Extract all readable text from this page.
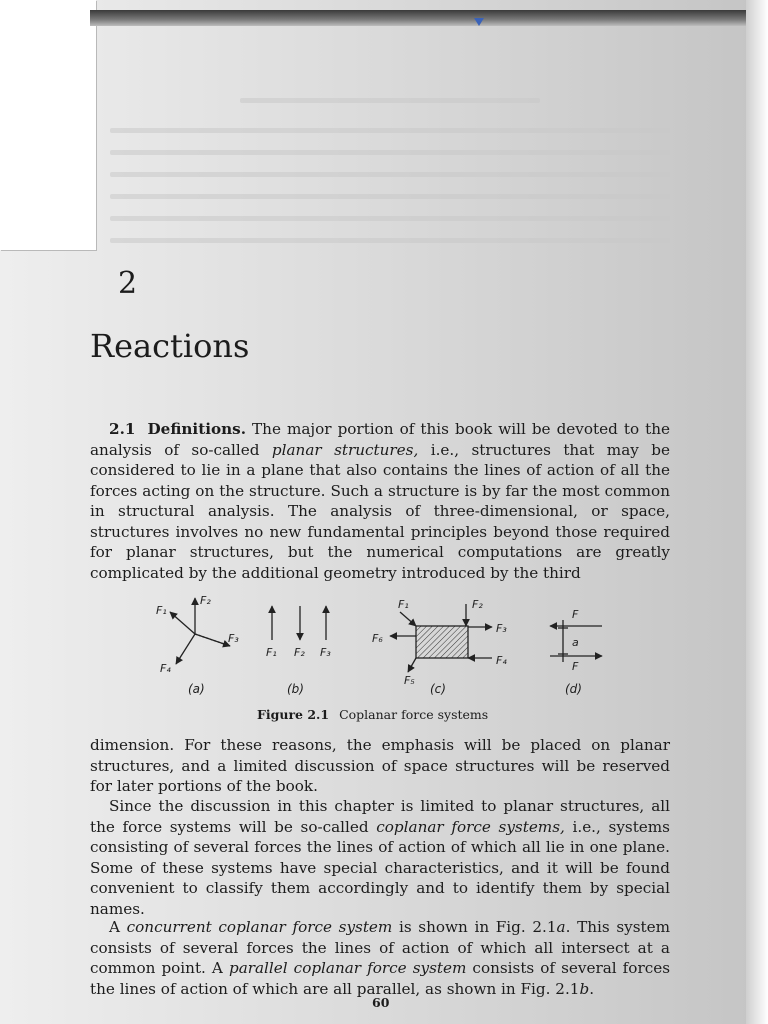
2
Reactions
2.1 Definitions. The major portion of this book will be devoted to the analysis of so-called planar structures, i.e., structures that may be considered to lie in a plane that also contains the lines of action of all the forces acting on the structure. Such a structure is by far the most common in structural analysis. The analysis of three-dimensional, or space, structures involves no new fundamental principles beyond those required for planar structures, but the numerical computations are greatly complicated by the additional geometry introduced by the third
F₁
F₂
F₃
F₄
F₁ F₂ F₃
F₁	F₂
F₃
F₄
F₅
F₆
F
a
F
(a)	(b)	(c)	(d)
Figure 2.1 Coplanar force systems
dimension. For these reasons, the emphasis will be placed on planar structures, and a limited discussion of space structures will be reserved for later portions of the book.
Since the discussion in this chapter is limited to planar structures, all the force systems will be so-called coplanar force systems, i.e., systems consisting of several forces the lines of action of which all lie in one plane. Some of these systems have special characteristics, and it will be found convenient to classify them accordingly and to identify them by special names.
A concurrent coplanar force system is shown in Fig. 2.1a. This system consists of several forces the lines of action of which all intersect at a common point. A parallel coplanar force system consists of several forces the lines of action of which are all parallel, as shown in Fig. 2.1b.
60
